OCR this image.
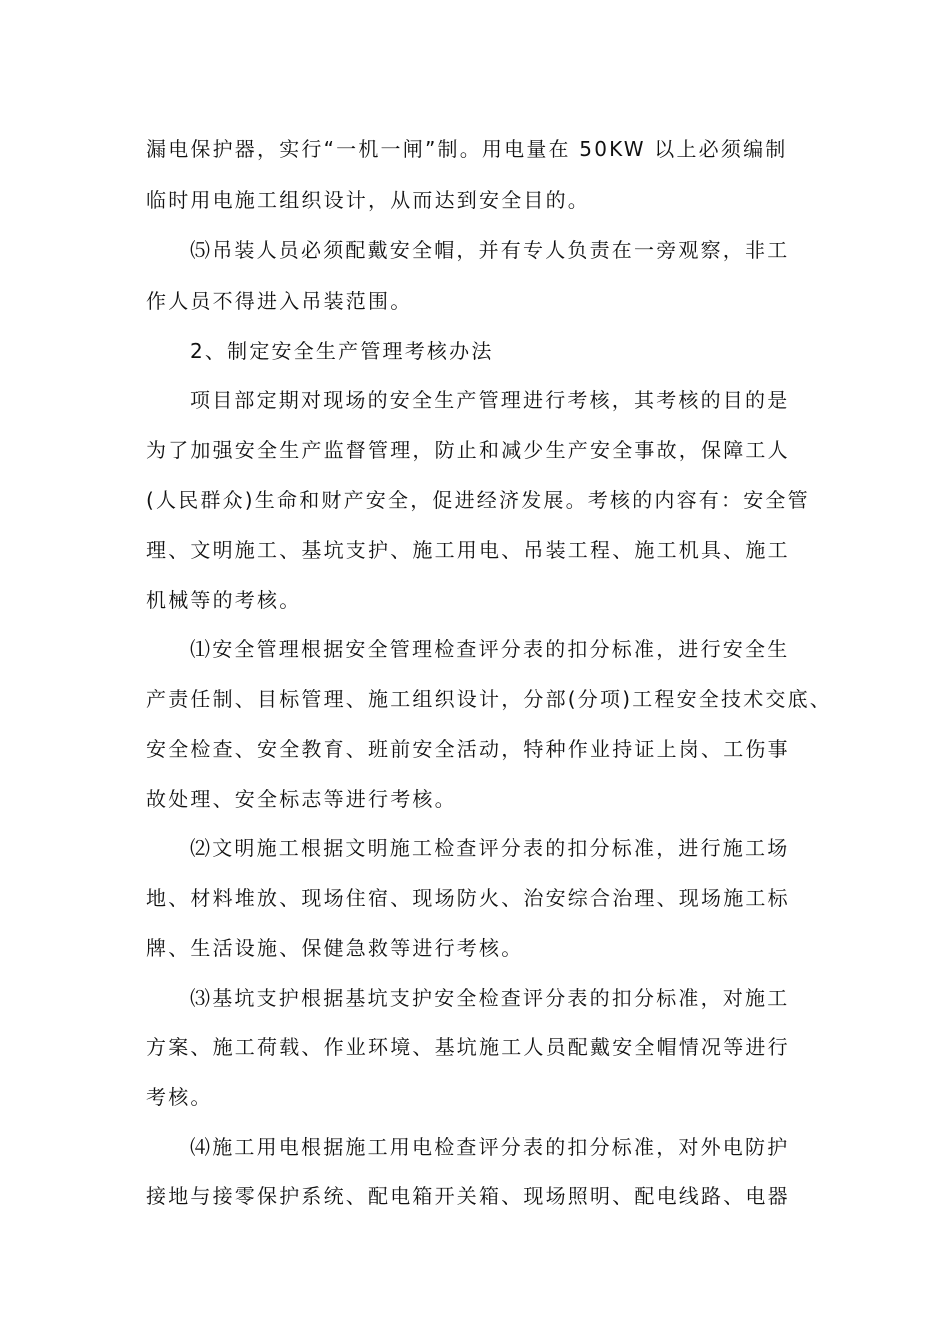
漏电保护器，实行“一机一闸”制。用电量在 50KW 以上必须编制
临时用电施工组织设计，从而达到安全目的。
⑸吊装人员必须配戴安全帽，并有专人负责在一旁观察，非工
作人员不得进入吊装范围。
2、制定安全生产管理考核办法
项目部定期对现场的安全生产管理进行考核，其考核的目的是
为了加强安全生产监督管理，防止和减少生产安全事故，保障工人
(人民群众)生命和财产安全，促进经济发展。考核的内容有：安全管
理、文明施工、基坑支护、施工用电、吊装工程、施工机具、施工
机械等的考核。
⑴安全管理根据安全管理检查评分表的扣分标准，进行安全生
产责任制、目标管理、施工组织设计，分部(分项)工程安全技术交底、
安全检查、安全教育、班前安全活动，特种作业持证上岗、工伤事
故处理、安全标志等进行考核。
⑵文明施工根据文明施工检查评分表的扣分标准，进行施工场
地、材料堆放、现场住宿、现场防火、治安综合治理、现场施工标
牌、生活设施、保健急救等进行考核。
⑶基坑支护根据基坑支护安全检查评分表的扣分标准，对施工
方案、施工荷载、作业环境、基坑施工人员配戴安全帽情况等进行
考核。
⑷施工用电根据施工用电检查评分表的扣分标准，对外电防护
接地与接零保护系统、配电箱开关箱、现场照明、配电线路、电器
